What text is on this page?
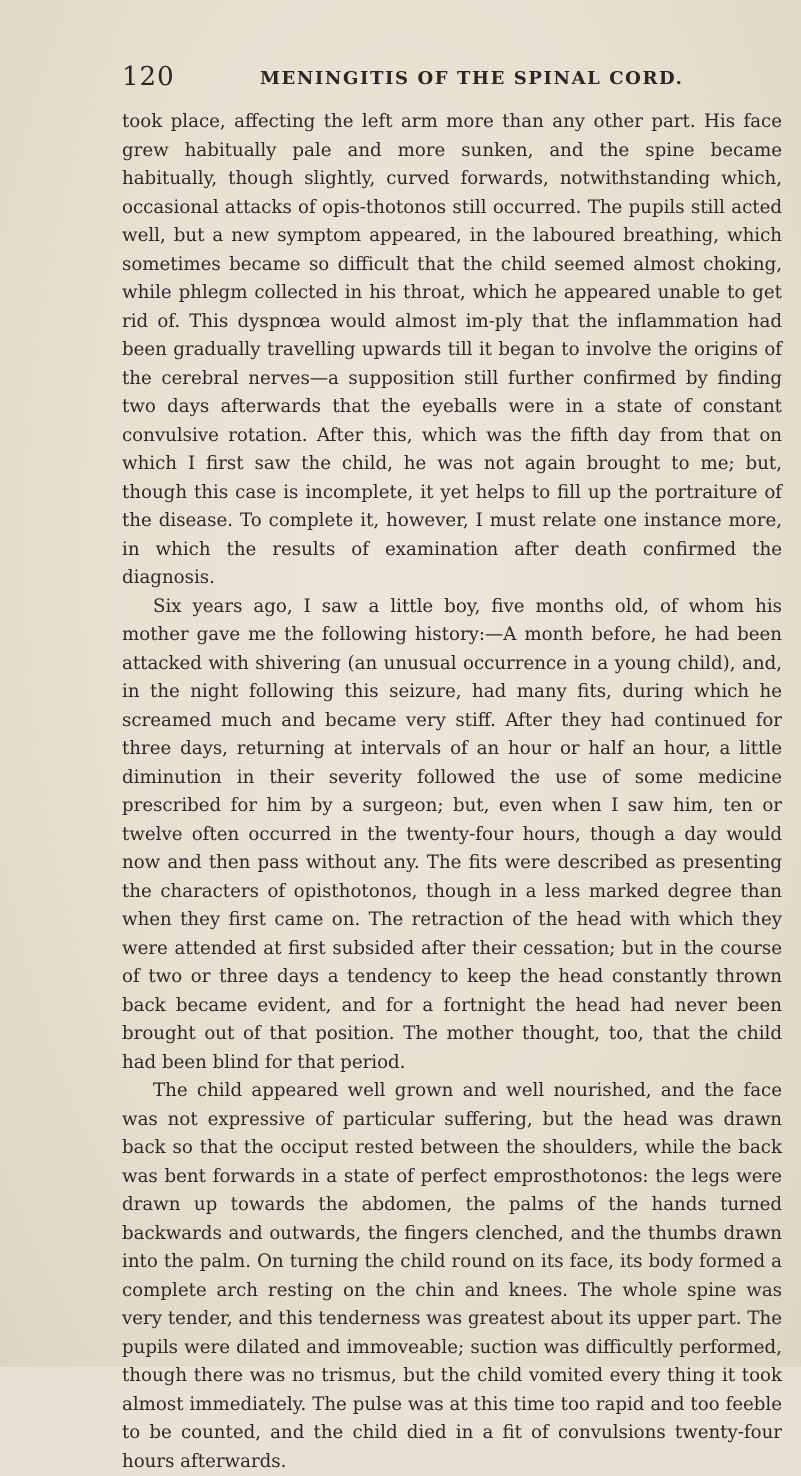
120	MENINGITIS OF THE SPINAL CORD.

took place, affecting the left arm more than any other part. His face grew habitually pale and more sunken, and the spine became habitually, though slightly, curved forwards, notwithstanding which, occasional attacks of opis-thotonos still occurred. The pupils still acted well, but a new symptom appeared, in the laboured breathing, which sometimes became so difficult that the child seemed almost choking, while phlegm collected in his throat, which he appeared unable to get rid of. This dyspnœa would almost im-ply that the inflammation had been gradually travelling upwards till it began to involve the origins of the cerebral nerves—a supposition still further confirmed by finding two days afterwards that the eyeballs were in a state of constant convulsive rotation. After this, which was the fifth day from that on which I first saw the child, he was not again brought to me; but, though this case is incomplete, it yet helps to fill up the portraiture of the disease. To complete it, however, I must relate one instance more, in which the results of examination after death confirmed the diagnosis.

Six years ago, I saw a little boy, five months old, of whom his mother gave me the following history:—A month before, he had been attacked with shivering (an unusual occurrence in a young child), and, in the night following this seizure, had many fits, during which he screamed much and became very stiff. After they had continued for three days, returning at intervals of an hour or half an hour, a little diminution in their severity followed the use of some medicine prescribed for him by a surgeon; but, even when I saw him, ten or twelve often occurred in the twenty-four hours, though a day would now and then pass without any. The fits were described as presenting the characters of opisthotonos, though in a less marked degree than when they first came on. The retraction of the head with which they were attended at first subsided after their cessation; but in the course of two or three days a tendency to keep the head constantly thrown back became evident, and for a fortnight the head had never been brought out of that position. The mother thought, too, that the child had been blind for that period.

The child appeared well grown and well nourished, and the face was not expressive of particular suffering, but the head was drawn back so that the occiput rested between the shoulders, while the back was bent forwards in a state of perfect emprosthotonos: the legs were drawn up towards the abdomen, the palms of the hands turned backwards and outwards, the fingers clenched, and the thumbs drawn into the palm. On turning the child round on its face, its body formed a complete arch resting on the chin and knees. The whole spine was very tender, and this tenderness was greatest about its upper part. The pupils were dilated and immoveable; suction was difficultly performed, though there was no trismus, but the child vomited every thing it took almost immediately. The pulse was at this time too rapid and too feeble to be counted, and the child died in a fit of convulsions twenty-four hours afterwards.
